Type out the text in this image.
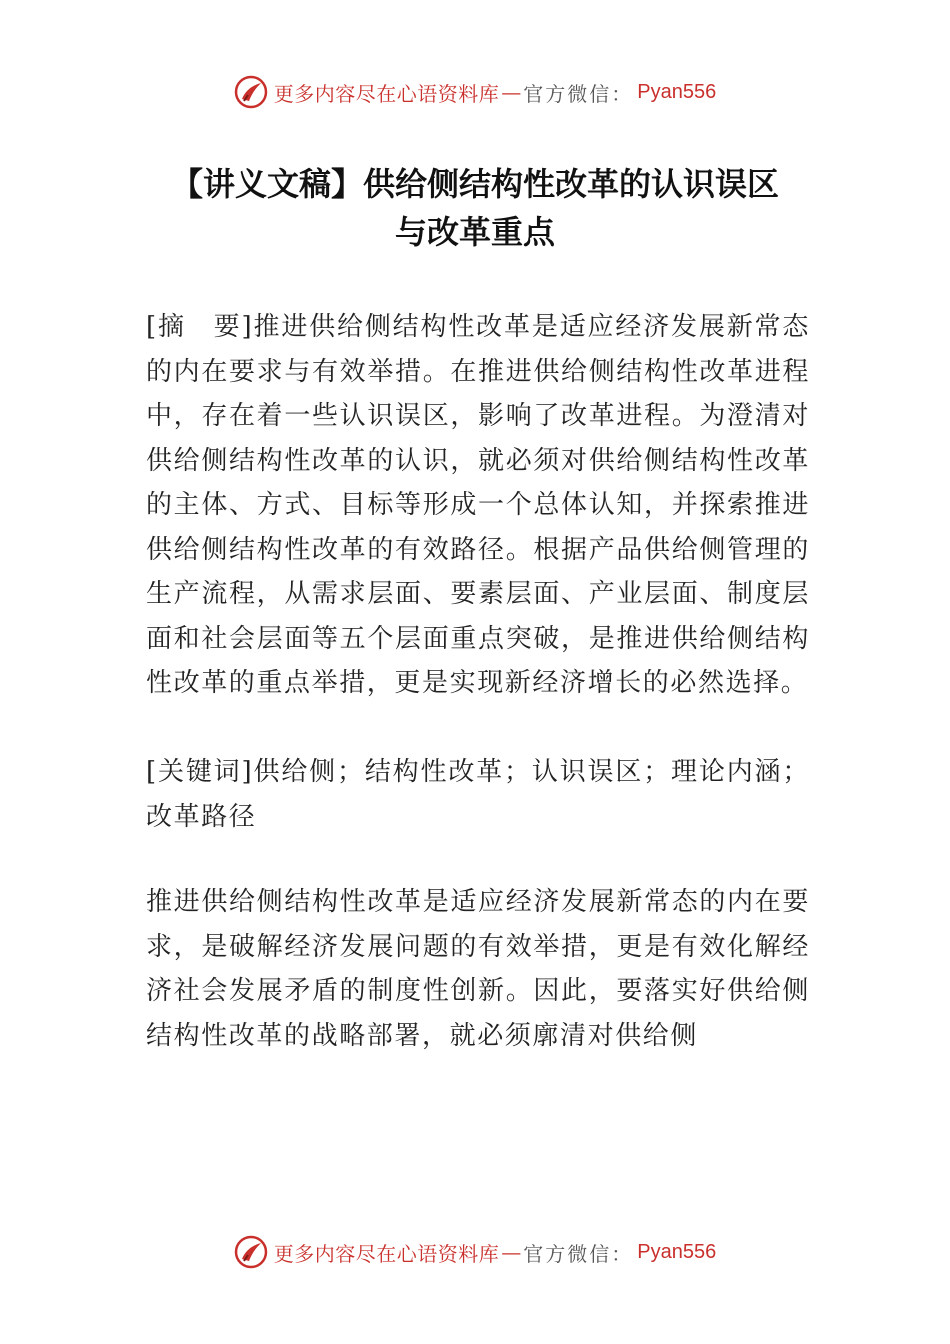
更多内容尽在心语资料库 — 官方微信： Pyan556
【讲义文稿】供给侧结构性改革的认识误区
与改革重点

[摘　要]推进供给侧结构性改革是适应经济发展新常态的内在要求与有效举措。在推进供给侧结构性改革进程中，存在着一些认识误区，影响了改革进程。为澄清对供给侧结构性改革的认识，就必须对供给侧结构性改革的主体、方式、目标等形成一个总体认知，并探索推进供给侧结构性改革的有效路径。根据产品供给侧管理的生产流程，从需求层面、要素层面、产业层面、制度层面和社会层面等五个层面重点突破，是推进供给侧结构性改革的重点举措，更是实现新经济增长的必然选择。

[关键词]供给侧；结构性改革；认识误区；理论内涵；改革路径

推进供给侧结构性改革是适应经济发展新常态的内在要求，是破解经济发展问题的有效举措，更是有效化解经济社会发展矛盾的制度性创新。因此，要落实好供给侧结构性改革的战略部署，就必须廓清对供给侧

更多内容尽在心语资料库 — 官方微信： Pyan556
